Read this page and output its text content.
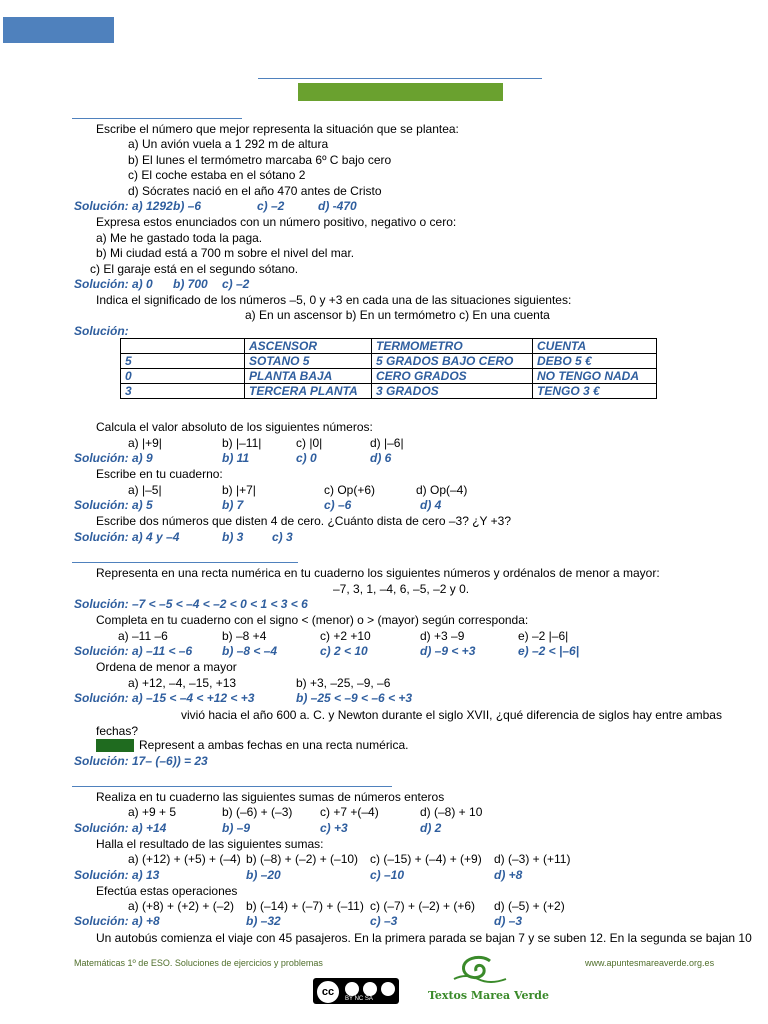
Escribe el número que mejor representa la situación que se plantea:
a) Un avión vuela a 1 292 m de altura
b) El lunes el termómetro marcaba 6º C bajo cero
c) El coche estaba en el sótano 2
d) Sócrates nació en el año 470 antes de Cristo
Solución: a) 1292 b) –6	c) –2	d) -470
Expresa estos enunciados con un número positivo, negativo o cero:
a) Me he gastado toda la paga.
b) Mi ciudad está a 700 m sobre el nivel del mar.
c) El garaje está en el segundo sótano.
Solución: a) 0 b) 700 c) –2
Indica el significado de los números –5, 0 y +3 en cada una de las situaciones siguientes:
a) En un ascensor b) En un termómetro c) En una cuenta
Solución:
	ASCENSOR	TERMOMETRO	CUENTA
5	SOTANO 5	5 GRADOS BAJO CERO	DEBO 5 €
0	PLANTA BAJA	CERO GRADOS	NO TENGO NADA
3	TERCERA PLANTA	3 GRADOS	TENGO 3 €
Calcula el valor absoluto de los siguientes números:
a) |+9|	b) |–11|	c) |0|	d) |–6|
Solución: a) 9	b) 11	c) 0	d) 6
Escribe en tu cuaderno:
a) |–5|	b) |+7|	c) Op(+6)	d) Op(–4)
Solución: a) 5	b) 7	c) –6	d) 4
Escribe dos números que disten 4 de cero. ¿Cuánto dista de cero –3? ¿Y +3?
Solución: a) 4 y –4	b) 3 c) 3
Representa en una recta numérica en tu cuaderno los siguientes números y ordénalos de menor a mayor:
–7, 3, 1, –4, 6, –5, –2 y 0.
Solución: –7 < –5 < –4 < –2 < 0 < 1 < 3 < 6
Completa en tu cuaderno con el signo < (menor) o > (mayor) según corresponda:
a) –11 –6	b) –8 +4	c) +2 +10	d) +3 –9	e) –2 |–6|
Solución: a) –11 < –6 b) –8 < –4	c) 2 < 10	d) –9 < +3	e) –2 < |–6|
Ordena de menor a mayor
a) +12, –4, –15, +13	b) +3, –25, –9, –6
Solución: a) –15 < –4 < +12 < +3	b) –25 < –9 < –6 < +3
vivió hacia el año 600 a. C. y Newton durante el siglo XVII, ¿qué diferencia de siglos hay entre ambas
fechas?
Represent a ambas fechas en una recta numérica.
Solución: 17– (–6)) = 23
Realiza en tu cuaderno las siguientes sumas de números enteros
a) +9 + 5	b) (–6) + (–3) c) +7 +(–4)	d) (–8) + 10
Solución: a) +14	b) –9	c) +3	d) 2
Halla el resultado de las siguientes sumas:
a) (+12) + (+5) + (–4) b) (–8) + (–2) + (–10) c) (–15) + (–4) + (+9) d) (–3) + (+11)
Solución: a) 13	b) –20	c) –10	d) +8
Efectúa estas operaciones
a) (+8) + (+2) + (–2) b) (–14) + (–7) + (–11) c) (–7) + (–2) + (+6) d) (–5) + (+2)
Solución: a) +8	b) –32	c) –3	d) –3
Un autobús comienza el viaje con 45 pasajeros. En la primera parada se bajan 7 y se suben 12. En la segunda se bajan 10
Matemáticas 1º de ESO. Soluciones de ejercicios y problemas	www.apuntesmareaverde.org.es
cc
BY NC SA	Textos Marea Verde
